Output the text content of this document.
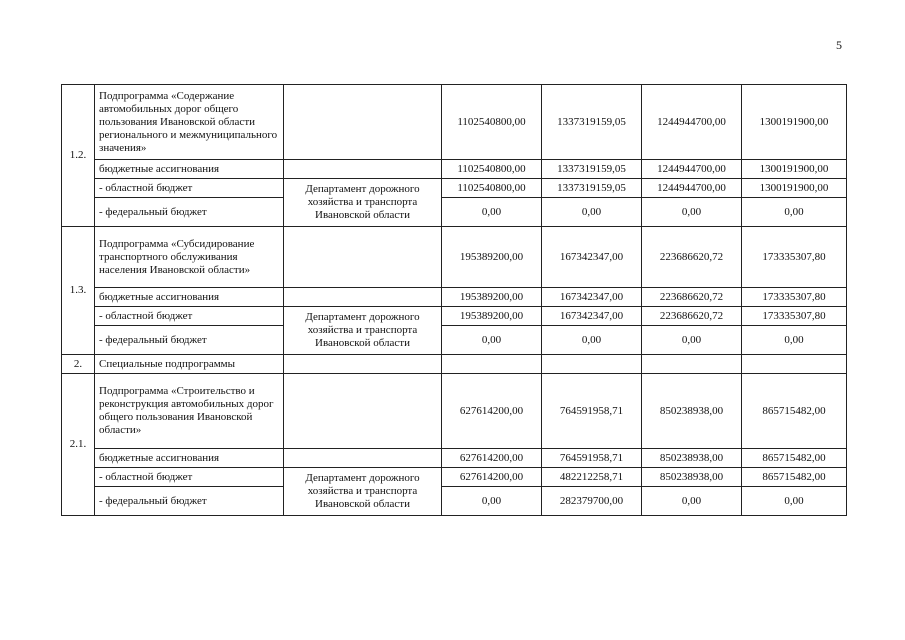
5
1.2.	Подпрограмма «Содержание автомобильных дорог общего пользования Ивановской области регионального и межмуниципального значения»		1102540800,00	1337319159,05	1244944700,00	1300191900,00
	бюджетные ассигнования		1102540800,00	1337319159,05	1244944700,00	1300191900,00
	- областной бюджет	Департамент дорожного хозяйства и транспорта Ивановской области	1102540800,00	1337319159,05	1244944700,00	1300191900,00
	- федеральный бюджет		0,00	0,00	0,00	0,00
1.3.	Подпрограмма «Субсидирование транспортного обслуживания населения Ивановской области»		195389200,00	167342347,00	223686620,72	173335307,80
	бюджетные ассигнования		195389200,00	167342347,00	223686620,72	173335307,80
	- областной бюджет	Департамент дорожного хозяйства и транспорта Ивановской области	195389200,00	167342347,00	223686620,72	173335307,80
	- федеральный бюджет		0,00	0,00	0,00	0,00
2.	Специальные подпрограммы					
2.1.	Подпрограмма «Строительство и реконструкция автомобильных дорог общего пользования Ивановской области»		627614200,00	764591958,71	850238938,00	865715482,00
	бюджетные ассигнования		627614200,00	764591958,71	850238938,00	865715482,00
	- областной бюджет	Департамент дорожного хозяйства и транспорта Ивановской области	627614200,00	482212258,71	850238938,00	865715482,00
	- федеральный бюджет		0,00	282379700,00	0,00	0,00
